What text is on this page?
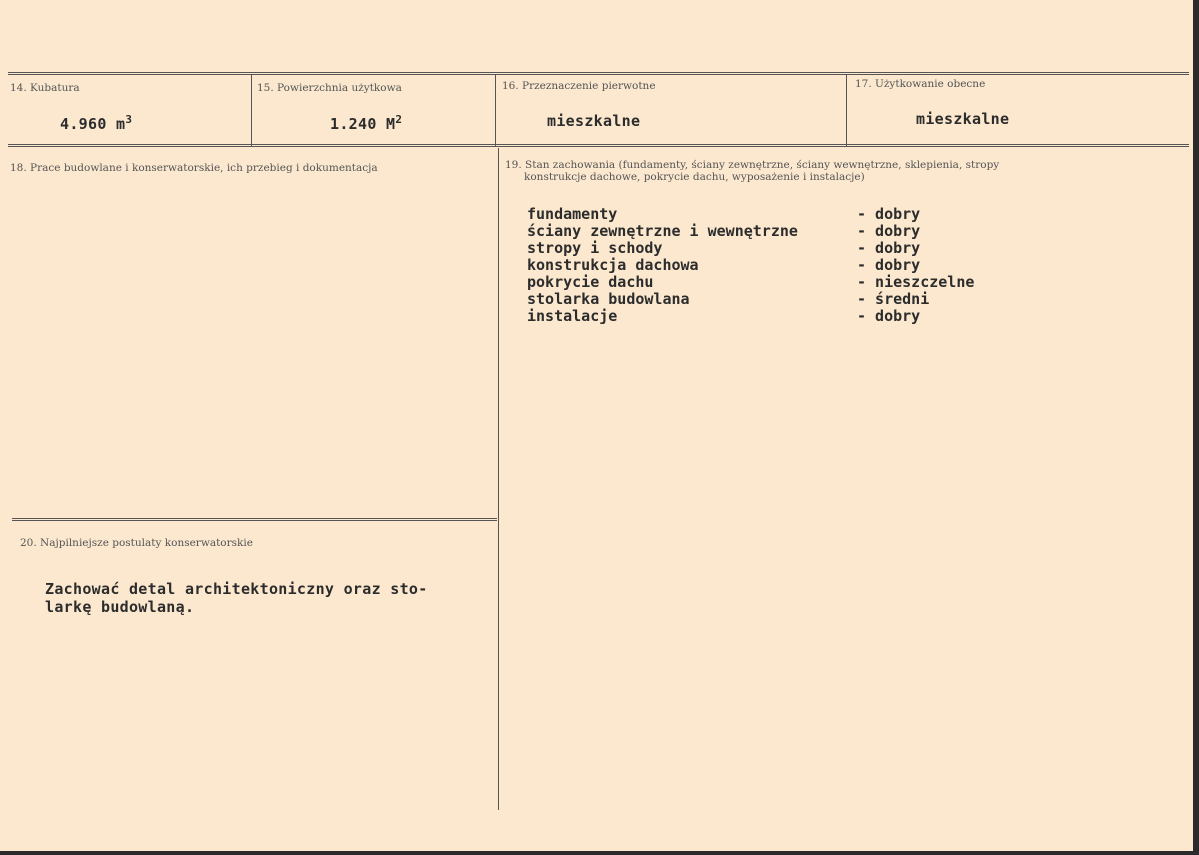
14. Kubatura
4.960 $m^3$
15. Powierzchnia użytkowa
1.240 $M^2$
16. Przeznaczenie pierwotne
mieszkalne
17. Użytkowanie obecne
mieszkalne
18. Prace budowlane i konserwatorskie, ich przebieg i dokumentacja	19. Stan zachowania (fundamenty, ściany zewnętrzne, ściany wewnętrzne, sklepienia, stropy
konstrukcje dachowe, pokrycie dachu, wyposażenie i instalacje)
fundamenty	- dobry
ściany zewnętrzne i wewnętrzne	- dobry
stropy i schody	- dobry
konstrukcja dachowa	- dobry
pokrycie dachu	- nieszczelne
stolarka budowlana	- średni
instalacje	- dobry
20. Najpilniejsze postulaty konserwatorskie
Zachować detal architektoniczny oraz sto-
larkę budowlaną.
